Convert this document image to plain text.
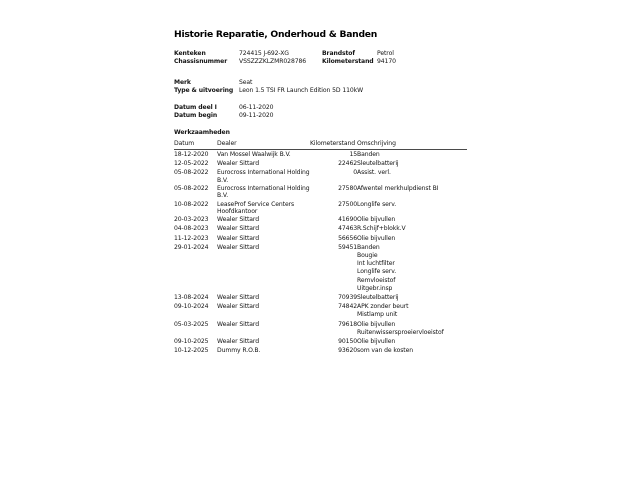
Historie Reparatie, Onderhoud & Banden
Kenteken	724415 J-692-XG	Brandstof	Petrol
Chassisnummer	VSSZZZKLZMR028786	Kilometerstand 94170
Merk	Seat
Type & uitvoering Leon 1.5 TSI FR Launch Edition 5D 110kW
Datum deel I	06-11-2020
Datum begin	09-11-2020
Werkzaamheden
Datum	Dealer	Kilometerstand	Omschrijving
18-12-2020	Van Mossel Waalwijk B.V.	15	Banden

12-05-2022	Wealer Sittard	22462	Sleutelbatterij

05-08-2022	Eurocross International Holding B.V.	0	Assist. verl.

05-08-2022	Eurocross International Holding B.V.	27580	Afwentel merkhulpdienst BI

10-08-2022	LeaseProf Service Centers Hoofdkantoor	27500	Longlife serv.

20-03-2023	Wealer Sittard	41690	Olie bijvullen

04-08-2023	Wealer Sittard	47463	R.Schijf+blokk.V

11-12-2023	Wealer Sittard	56656	Olie bijvullen

29-01-2024	Wealer Sittard	59451	Banden
Bougie
Int luchtfilter
Longlife serv.
Remvloeistof
Uitgebr.insp

13-08-2024	Wealer Sittard	70939	Sleutelbatterij

09-10-2024	Wealer Sittard	74842	APK zonder beurt
Mistlamp unit

05-03-2025	Wealer Sittard	79618	Olie bijvullen
Ruitenwissersproeiervloeistof

09-10-2025	Wealer Sittard	90150	Olie bijvullen

10-12-2025	Dummy R.O.B.	93620	som van de kosten
